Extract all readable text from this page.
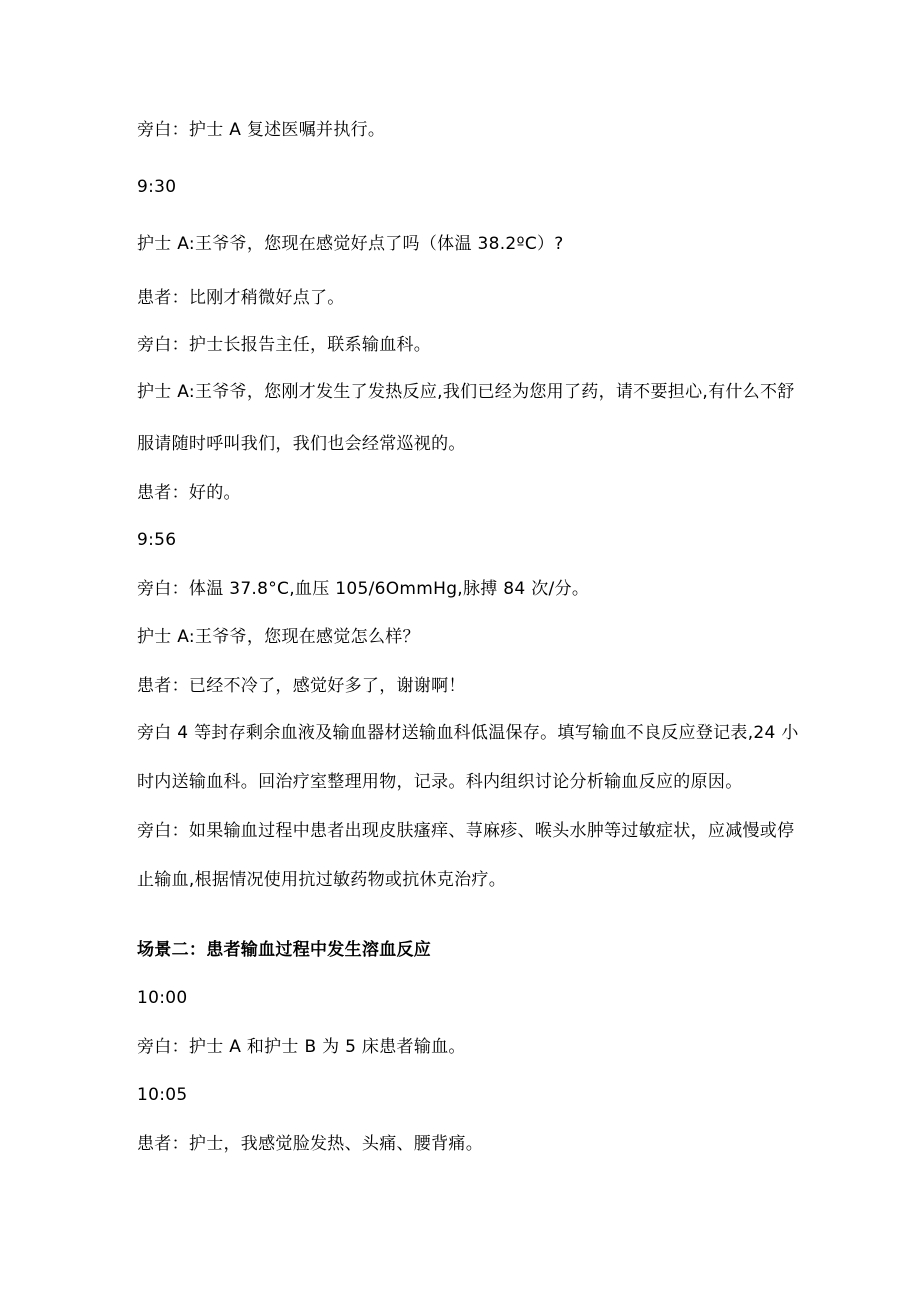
旁白：护士 A 复述医嘱并执行。
9:30
护士 A:王爷爷，您现在感觉好点了吗（体温 38.2ºC）?
患者：比刚才稍微好点了。
旁白：护士长报告主任，联系输血科。
护士 A:王爷爷，您刚才发生了发热反应,我们已经为您用了药，请不要担心,有什么不舒
服请随时呼叫我们，我们也会经常巡视的。
患者：好的。
9:56
旁白：体温 37.8°C,血压 105/6OmmHg,脉搏 84 次/分。
护士 A:王爷爷，您现在感觉怎么样？
患者：已经不冷了，感觉好多了，谢谢啊！
旁白 4 等封存剩余血液及输血器材送输血科低温保存。填写输血不良反应登记表,24 小
时内送输血科。回治疗室整理用物，记录。科内组织讨论分析输血反应的原因。
旁白：如果输血过程中患者出现皮肤瘙痒、荨麻疹、喉头水肿等过敏症状，应减慢或停
止输血,根据情况使用抗过敏药物或抗休克治疗。
场景二：患者输血过程中发生溶血反应
10:00
旁白：护士 A 和护士 B 为 5 床患者输血。
10:05
患者：护士，我感觉脸发热、头痛、腰背痛。
